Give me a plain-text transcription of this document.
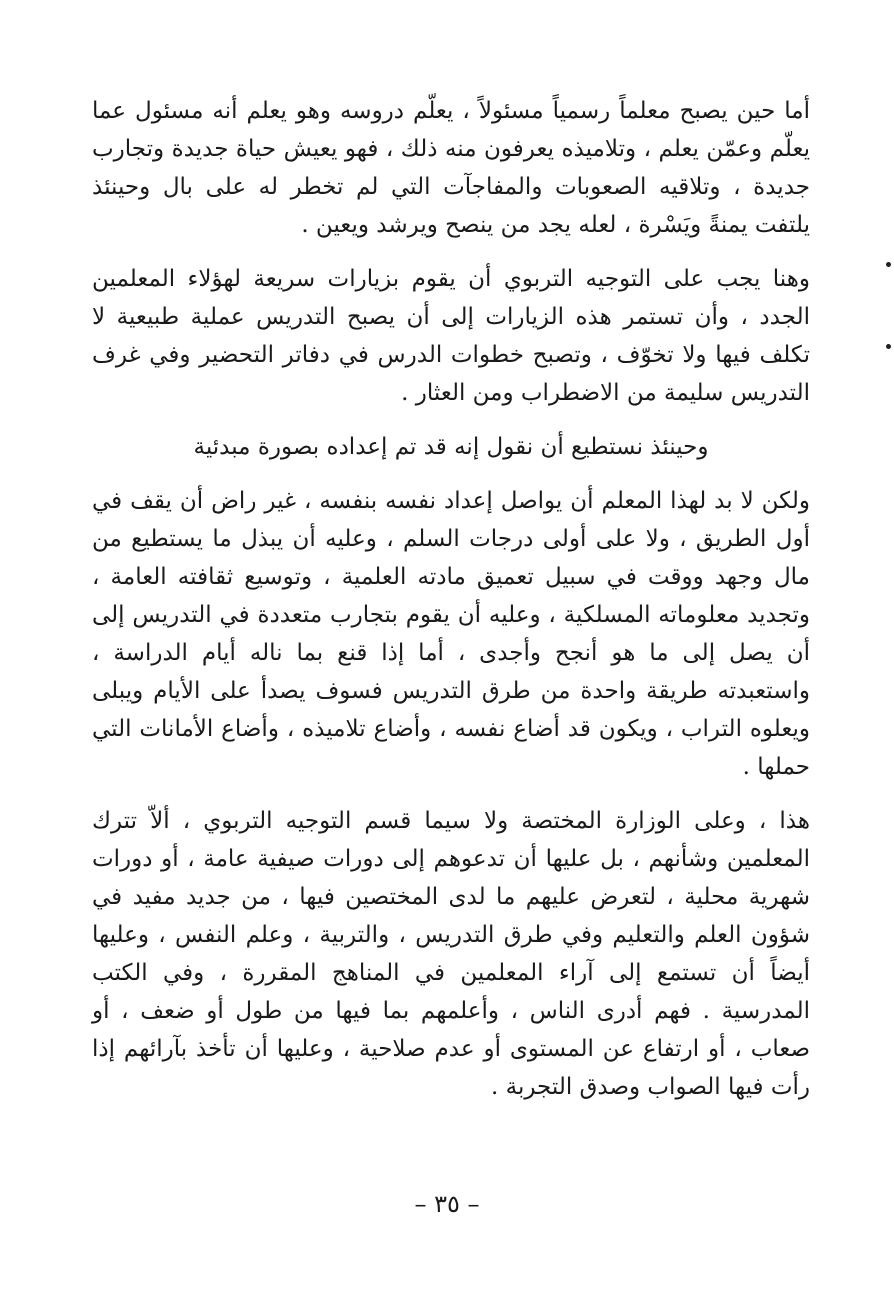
أما حين يصبح معلماً رسمياً مسئولاً ، يعلّم دروسه وهو يعلم أنه مسئول عما يعلّم وعمّن يعلم ، وتلاميذه يعرفون منه ذلك ، فهو يعيش حياة جديدة وتجارب جديدة ، وتلاقيه الصعوبات والمفاجآت التي لم تخطر له على بال وحينئذ يلتفت يمنةً ويَسْرة ، لعله يجد من ينصح ويرشد ويعين .

وهنا يجب على التوجيه التربوي أن يقوم بزيارات سريعة لهؤلاء المعلمين الجدد ، وأن تستمر هذه الزيارات إلى أن يصبح التدريس عملية طبيعية لا تكلف فيها ولا تخوّف ، وتصبح خطوات الدرس في دفاتر التحضير وفي غرف التدريس سليمة من الاضطراب ومن العثار .

وحينئذ نستطيع أن نقول إنه قد تم إعداده بصورة مبدئية

ولكن لا بد لهذا المعلم أن يواصل إعداد نفسه بنفسه ، غير راض أن يقف في أول الطريق ، ولا على أولى درجات السلم ، وعليه أن يبذل ما يستطيع من مال وجهد ووقت في سبيل تعميق مادته العلمية ، وتوسيع ثقافته العامة ، وتجديد معلوماته المسلكية ، وعليه أن يقوم بتجارب متعددة في التدريس إلى أن يصل إلى ما هو أنجح وأجدى ، أما إذا قنع بما ناله أيام الدراسة ، واستعبدته طريقة واحدة من طرق التدريس فسوف يصدأ على الأيام ويبلى ويعلوه التراب ، ويكون قد أضاع نفسه ، وأضاع تلاميذه ، وأضاع الأمانات التي حملها .

هذا ، وعلى الوزارة المختصة ولا سيما قسم التوجيه التربوي ، ألاّ تترك المعلمين وشأنهم ، بل عليها أن تدعوهم إلى دورات صيفية عامة ، أو دورات شهرية محلية ، لتعرض عليهم ما لدى المختصين فيها ، من جديد مفيد في شؤون العلم والتعليم وفي طرق التدريس ، والتربية ، وعلم النفس ، وعليها أيضاً أن تستمع إلى آراء المعلمين في المناهج المقررة ، وفي الكتب المدرسية . فهم أدرى الناس ، وأعلمهم بما فيها من طول أو ضعف ، أو صعاب ، أو ارتفاع عن المستوى أو عدم صلاحية ، وعليها أن تأخذ بآرائهم إذا رأت فيها الصواب وصدق التجربة .

– ٣٥ –
